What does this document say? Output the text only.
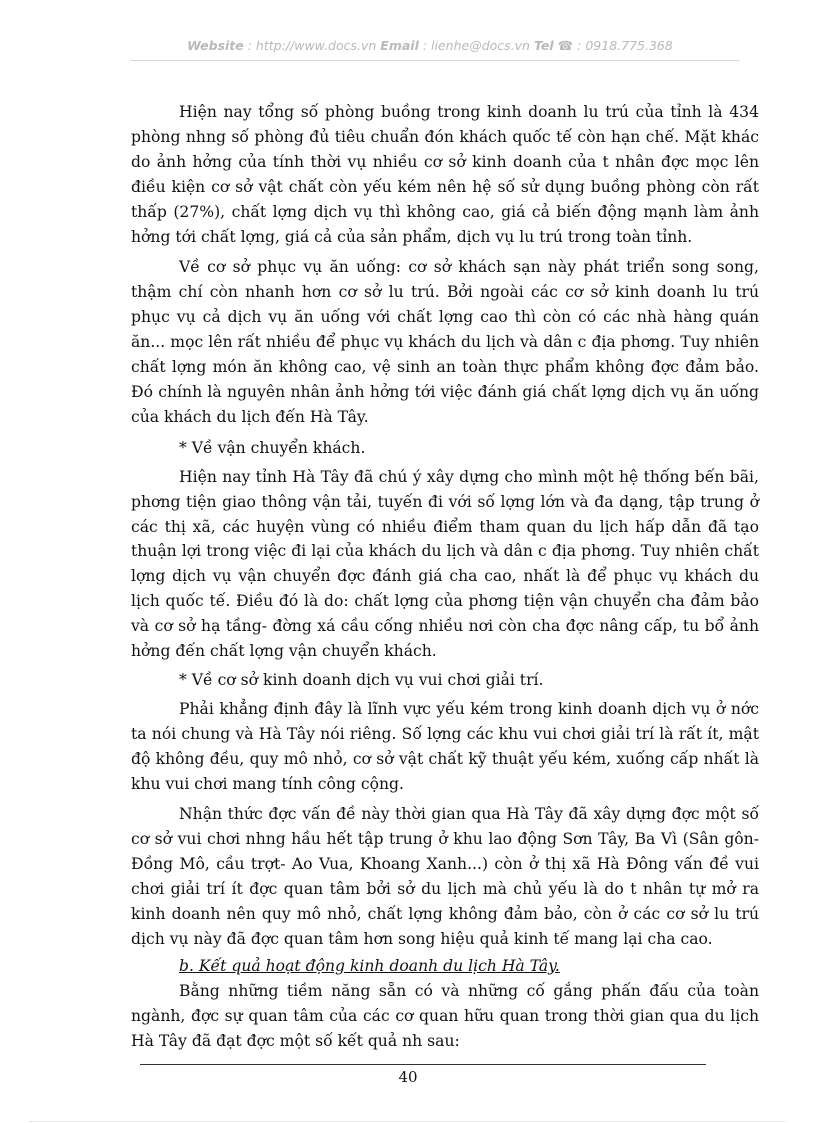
Website : http://www.docs.vn Email : lienhe@docs.vn Tel ☎ : 0918.775.368

Hiện nay tổng số phòng buồng trong kinh doanh lu trú của tỉnh là 434 phòng nhng số phòng đủ tiêu chuẩn đón khách quốc tế còn hạn chế. Mặt khác do ảnh hởng của tính thời vụ nhiều cơ sở kinh doanh của t nhân đợc mọc lên điều kiện cơ sở vật chất còn yếu kém nên hệ số sử dụng buồng phòng còn rất thấp (27%), chất lợng dịch vụ thì không cao, giá cả biến động mạnh làm ảnh hởng tới chất lợng, giá cả của sản phẩm, dịch vụ lu trú trong toàn tỉnh.

Về cơ sở phục vụ ăn uống: cơ sở khách sạn này phát triển song song, thậm chí còn nhanh hơn cơ sở lu trú. Bởi ngoài các cơ sở kinh doanh lu trú phục vụ cả dịch vụ ăn uống với chất lợng cao thì còn có các nhà hàng quán ăn... mọc lên rất nhiều để phục vụ khách du lịch và dân c địa phơng. Tuy nhiên chất lợng món ăn không cao, vệ sinh an toàn thực phẩm không đợc đảm bảo. Đó chính là nguyên nhân ảnh hởng tới việc đánh giá chất lợng dịch vụ ăn uống của khách du lịch đến Hà Tây.

* Về vận chuyển khách.

Hiện nay tỉnh Hà Tây đã chú ý xây dựng cho mình một hệ thống bến bãi, phơng tiện giao thông vận tải, tuyến đi với số lợng lớn và đa dạng, tập trung ở các thị xã, các huyện vùng có nhiều điểm tham quan du lịch hấp dẫn đã tạo thuận lợi trong việc đi lại của khách du lịch và dân c địa phơng. Tuy nhiên chất lợng dịch vụ vận chuyển đợc đánh giá cha cao, nhất là để phục vụ khách du lịch quốc tế. Điều đó là do: chất lợng của phơng tiện vận chuyển cha đảm bảo và cơ sở hạ tầng- đờng xá cầu cống nhiều nơi còn cha đợc nâng cấp, tu bổ ảnh hởng đến chất lợng vận chuyển khách.

* Về cơ sở kinh doanh dịch vụ vui chơi giải trí.

Phải khẳng định đây là lĩnh vực yếu kém trong kinh doanh dịch vụ ở nớc ta nói chung và Hà Tây nói riêng. Số lợng các khu vui chơi giải trí là rất ít, mật độ không đều, quy mô nhỏ, cơ sở vật chất kỹ thuật yếu kém, xuống cấp nhất là khu vui chơi mang tính công cộng.

Nhận thức đợc vấn đề này thời gian qua Hà Tây đã xây dựng đợc một số cơ sở vui chơi nhng hầu hết tập trung ở khu lao động Sơn Tây, Ba Vì (Sân gôn- Đồng Mô, cầu trợt- Ao Vua, Khoang Xanh...) còn ở thị xã Hà Đông vấn đề vui chơi giải trí ít đợc quan tâm bởi sở du lịch mà chủ yếu là do t nhân tự mở ra kinh doanh nên quy mô nhỏ, chất lợng không đảm bảo, còn ở các cơ sở lu trú dịch vụ này đã đợc quan tâm hơn song hiệu quả kinh tế mang lại cha cao.

b. Kết quả hoạt động kinh doanh du lịch Hà Tây.

Bằng những tiềm năng sẵn có và những cố gắng phấn đấu của toàn ngành, đợc sự quan tâm của các cơ quan hữu quan trong thời gian qua du lịch Hà Tây đã đạt đợc một số kết quả nh sau:

40
